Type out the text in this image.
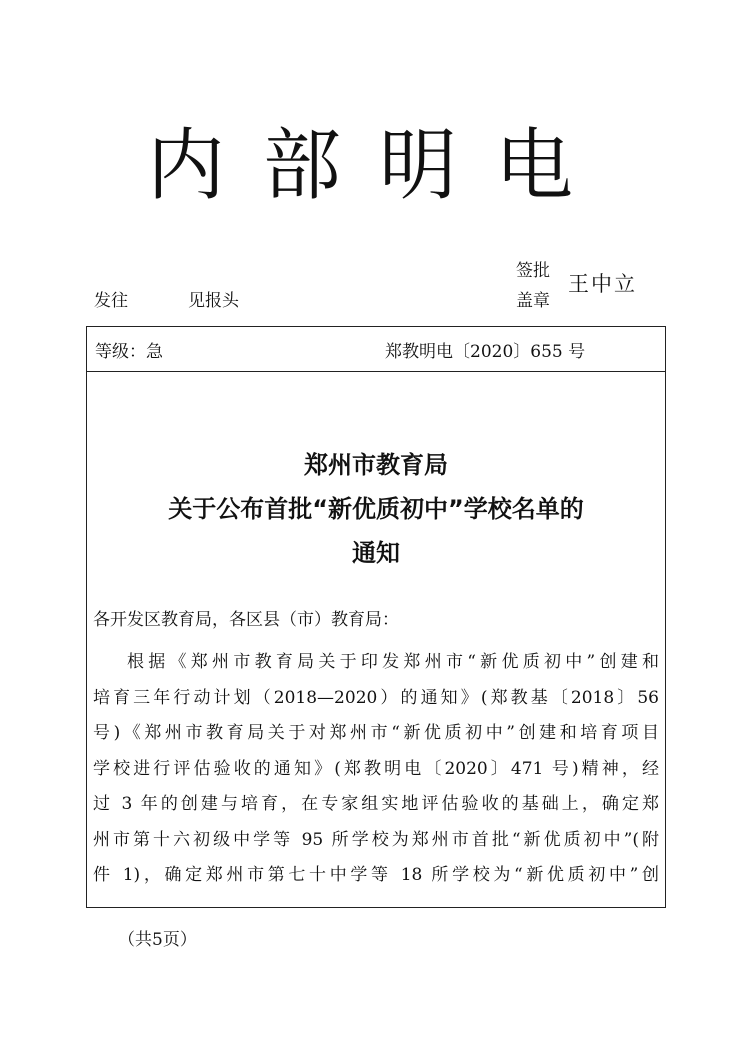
内 部 明 电
发往	见报头
签批
盖章
王中立
等级：急	郑教明电〔2020〕655 号
郑州市教育局
关于公布首批“新优质初中”学校名单的
通知
各开发区教育局，各区县（市）教育局：
根据《郑州市教育局关于印发郑州市“新优质初中”创建和
培育三年行动计划（2018—2020）的通知》(郑教基〔2018〕56
号)《郑州市教育局关于对郑州市“新优质初中”创建和培育项目
学校进行评估验收的通知》(郑教明电〔2020〕471 号)精神，经
过 3 年的创建与培育，在专家组实地评估验收的基础上，确定郑
州市第十六初级中学等 95 所学校为郑州市首批“新优质初中”(附
件 1)，确定郑州市第七十中学等 18 所学校为“新优质初中”创
（共5页）
